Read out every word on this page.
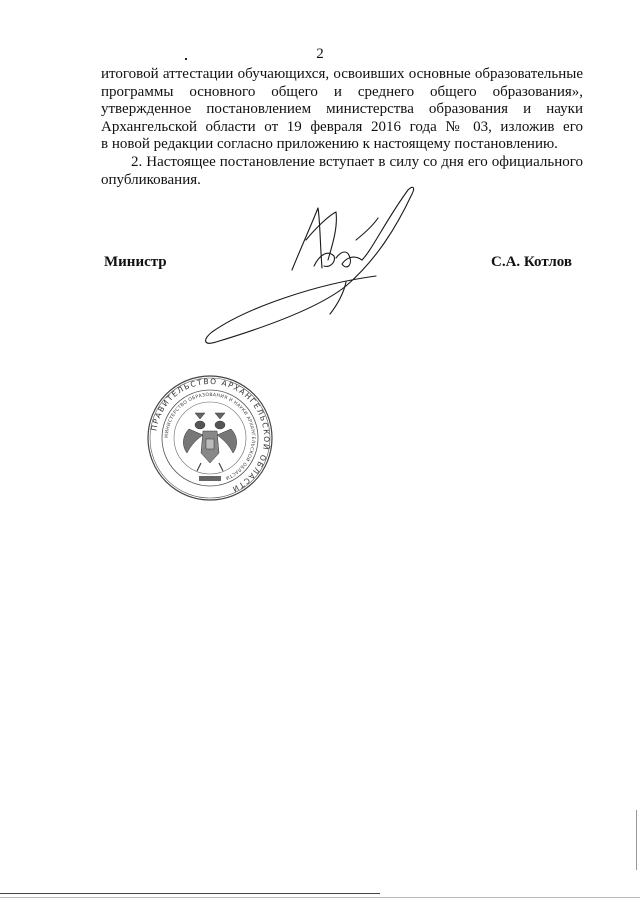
2
итоговой аттестации обучающихся, освоивших основные образовательные
программы основного общего и среднего общего образования»,
утвержденное постановлением министерства образования и науки
Архангельской области от 19 февраля 2016 года № 03, изложив его
в новой редакции согласно приложению к настоящему постановлению.
2. Настоящее постановление вступает в силу со дня его официального
опубликования.
Министр	С.А. Котлов
ПРАВИТЕЛЬСТВО АРХАНГЕЛЬСКОЙ ОБЛАСТИ
МИНИСТЕРСТВО ОБРАЗОВАНИЯ И НАУКИ АРХАНГЕЛЬСКОЙ ОБЛАСТИ
